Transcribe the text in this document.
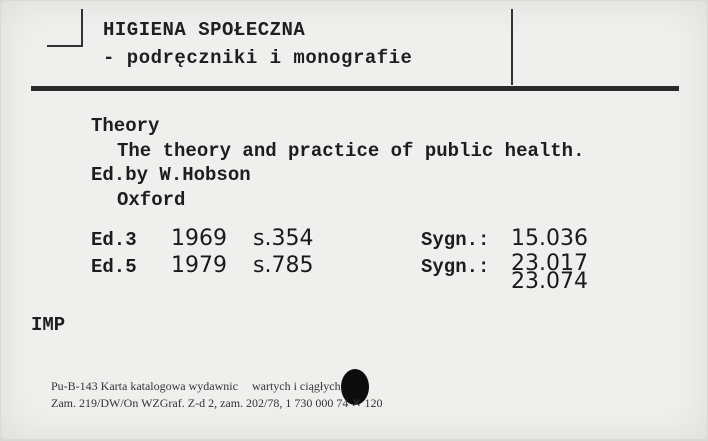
HIGIENA SPOŁECZNA
- podręczniki i monografie
Theory
The theory and practice of public health.
Ed.by W.Hobson
Oxford
Ed.3 1969 s.354	Sygn.: 15.036
Ed.5 1979 s.785	Sygn.: 23.017
23.074
IMP
Pu-B-143 Karta katalogowa wydawnic wartych i ciągłych.
Zam. 219/DW/On WZGraf. Z-d 2, zam. 202/78, 1 730 000 74 ✕ 120
